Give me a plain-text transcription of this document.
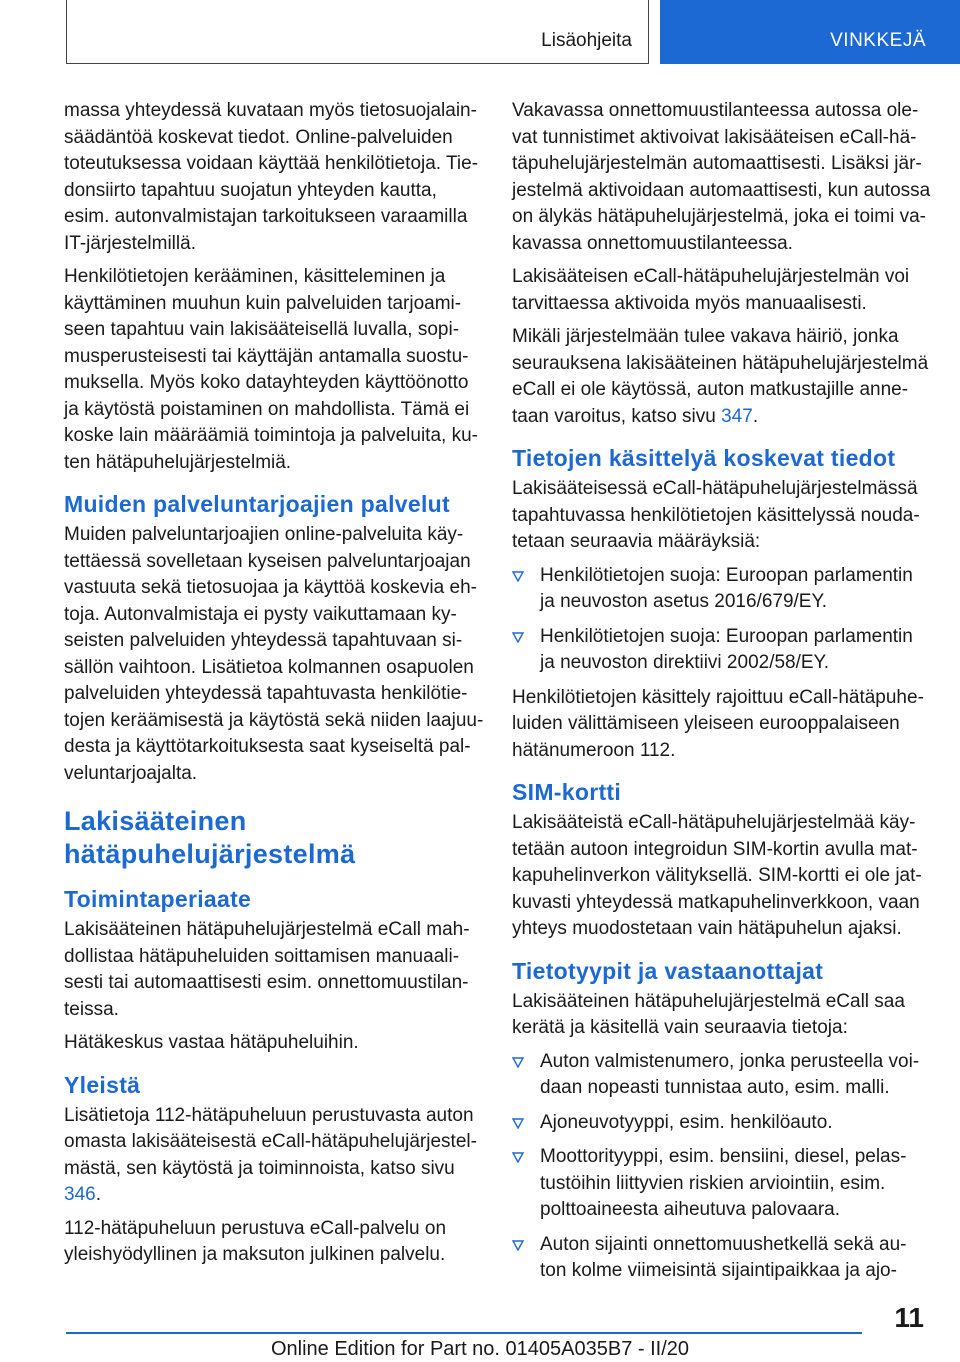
Lisäohjeita	VINKKEJÄ

massa yhteydessä kuvataan myös tietosuojalain-säädäntöä koskevat tiedot. Online-palveluiden toteutuksessa voidaan käyttää henkilötietoja. Tie-donsiirto tapahtuu suojatun yhteyden kautta, esim. autonvalmistajan tarkoitukseen varaamilla IT-järjestelmillä.

Henkilötietojen kerääminen, käsitteleminen ja käyttäminen muuhun kuin palveluiden tarjoami-seen tapahtuu vain lakisääteisellä luvalla, sopi-musperusteisesti tai käyttäjän antamalla suostu-muksella. Myös koko datayhteyden käyttöönotto ja käytöstä poistaminen on mahdollista. Tämä ei koske lain määräämiä toimintoja ja palveluita, ku-ten hätäpuhelujärjestelmiä.

Muiden palveluntarjoajien palvelut

Muiden palveluntarjoajien online-palveluita käy-tettäessä sovelletaan kyseisen palveluntarjoajan vastuuta sekä tietosuojaa ja käyttöä koskevia eh-toja. Autonvalmistaja ei pysty vaikuttamaan ky-seisten palveluiden yhteydessä tapahtuvaan si-sällön vaihtoon. Lisätietoa kolmannen osapuolen palveluiden yhteydessä tapahtuvasta henkilötie-tojen keräämisestä ja käytöstä sekä niiden laajuu-desta ja käyttötarkoituksesta saat kyseiseltä pal-veluntarjoajalta.

Lakisääteinen
hätäpuhelujärjestelmä
Toimintaperiaate

Lakisääteinen hätäpuhelujärjestelmä eCall mah-dollistaa hätäpuheluiden soittamisen manuaali-sesti tai automaattisesti esim. onnettomuustilan-teissa.

Hätäkeskus vastaa hätäpuheluihin.

Yleistä

Lisätietoja 112-hätäpuheluun perustuvasta auton omasta lakisääteisestä eCall-hätäpuhelujärjestel-mästä, sen käytöstä ja toiminnoista, katso sivu 346.

112-hätäpuheluun perustuva eCall-palvelu on yleishyödyllinen ja maksuton julkinen palvelu.

Vakavassa onnettomuustilanteessa autossa ole-vat tunnistimet aktivoivat lakisääteisen eCall-hä-täpuhelujärjestelmän automaattisesti. Lisäksi jär-jestelmä aktivoidaan automaattisesti, kun autossa on älykäs hätäpuhelujärjestelmä, joka ei toimi va-kavassa onnettomuustilanteessa.

Lakisääteisen eCall-hätäpuhelujärjestelmän voi tarvittaessa aktivoida myös manuaalisesti.

Mikäli järjestelmään tulee vakava häiriö, jonka seurauksena lakisääteinen hätäpuhelujärjestelmä eCall ei ole käytössä, auton matkustajille anne-taan varoitus, katso sivu 347.

Tietojen käsittelyä koskevat tiedot

Lakisääteisessä eCall-hätäpuhelujärjestelmässä tapahtuvassa henkilötietojen käsittelyssä nouda-tetaan seuraavia määräyksiä:

Henkilötietojen suoja: Euroopan parlamentin ja neuvoston asetus 2016/679/EY.
Henkilötietojen suoja: Euroopan parlamentin ja neuvoston direktiivi 2002/58/EY.

Henkilötietojen käsittely rajoittuu eCall-hätäpuhe-luiden välittämiseen yleiseen eurooppalaiseen hätänumeroon 112.

SIM-kortti

Lakisääteistä eCall-hätäpuhelujärjestelmää käy-tetään autoon integroidun SIM-kortin avulla mat-kapuhelinverkon välityksellä. SIM-kortti ei ole jat-kuvasti yhteydessä matkapuhelinverkkoon, vaan yhteys muodostetaan vain hätäpuhelun ajaksi.

Tietotyypit ja vastaanottajat

Lakisääteinen hätäpuhelujärjestelmä eCall saa kerätä ja käsitellä vain seuraavia tietoja:

Auton valmistenumero, jonka perusteella voi-daan nopeasti tunnistaa auto, esim. malli.
Ajoneuvotyyppi, esim. henkilöauto.
Moottorityyppi, esim. bensiini, diesel, pelas-tustöihin liittyvien riskien arviointiin, esim. polttoaineesta aiheutuva palovaara.
Auton sijainti onnettomuushetkellä sekä au-ton kolme viimeisintä sijaintipaikkaa ja ajo-
11
Online Edition for Part no. 01405A035B7 - II/20
